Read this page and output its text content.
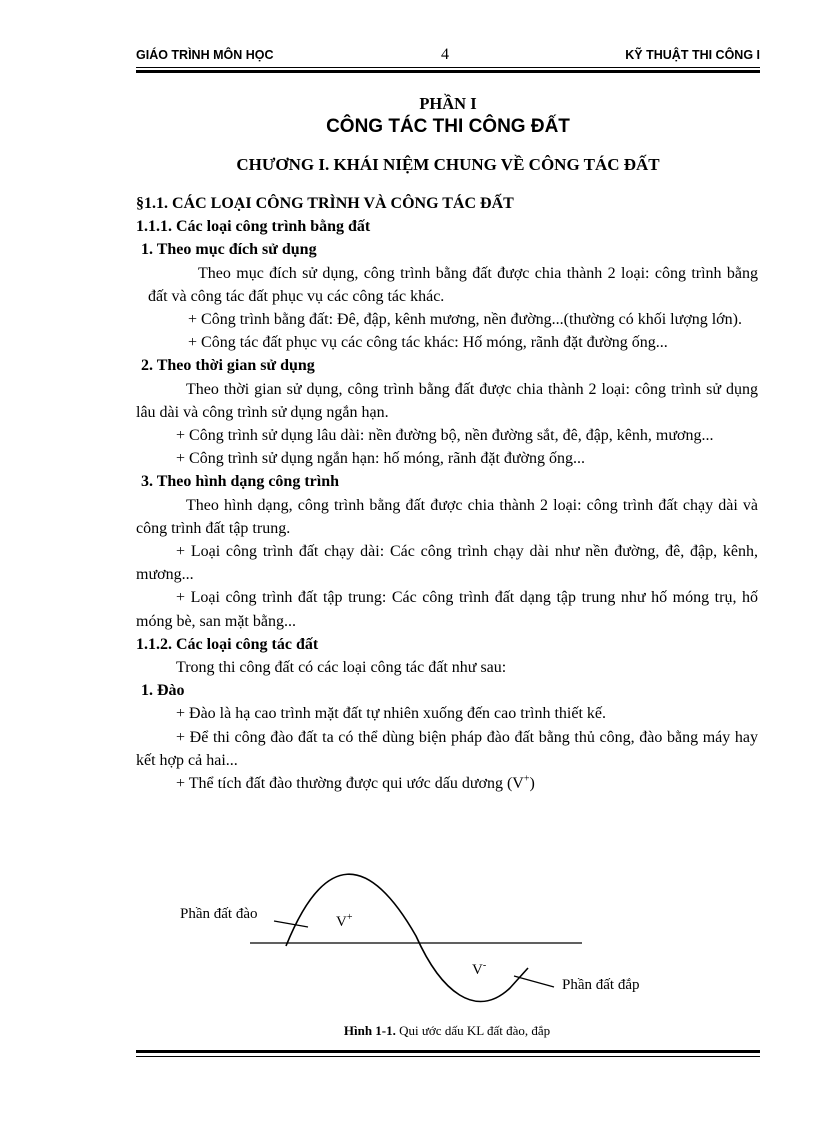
GIÁO TRÌNH MÔN HỌC	4	KỸ THUẬT THI CÔNG I
PHẦN I
CÔNG TÁC THI CÔNG ĐẤT
CHƯƠNG I. KHÁI NIỆM CHUNG VỀ CÔNG TÁC ĐẤT

§1.1. CÁC LOẠI CÔNG TRÌNH VÀ CÔNG TÁC ĐẤT

1.1.1. Các loại công trình bằng đất

1. Theo mục đích sử dụng

Theo mục đích sử dụng, công trình bằng đất được chia thành 2 loại: công trình bằng đất và công tác đất phục vụ các công tác khác.

+ Công trình bằng đất: Đê, đập, kênh mương, nền đường...(thường có khối lượng lớn).

+ Công tác đất phục vụ các công tác khác: Hố móng, rãnh đặt đường ống...

2. Theo thời gian sử dụng

Theo thời gian sử dụng, công trình bằng đất được chia thành 2 loại: công trình sử dụng lâu dài và công trình sử dụng ngắn hạn.

+ Công trình sử dụng lâu dài: nền đường bộ, nền đường sắt, đê, đập, kênh, mương...

+ Công trình sử dụng ngắn hạn: hố móng, rãnh đặt đường ống...

3. Theo hình dạng công trình

Theo hình dạng, công trình bằng đất được chia thành 2 loại: công trình đất chạy dài và công trình đất tập trung.

+ Loại công trình đất chạy dài: Các công trình chạy dài như nền đường, đê, đập, kênh, mương...

+ Loại công trình đất tập trung: Các công trình đất dạng tập trung như hố móng trụ, hố móng bè, san mặt bằng...

1.1.2. Các loại công tác đất

Trong thi công đất có các loại công tác đất như sau:

1. Đào

+ Đào là hạ cao trình mặt đất tự nhiên xuống đến cao trình thiết kế.

+ Để thi công đào đất ta có thể dùng biện pháp đào đất bằng thủ công, đào bằng máy hay kết hợp cả hai...

+ Thể tích đất đào thường được qui ước dấu dương (V+)

Phần đất đào	V+
V-
Phần đất đắp
Hình 1-1. Qui ước dấu KL đất đào, đắp
